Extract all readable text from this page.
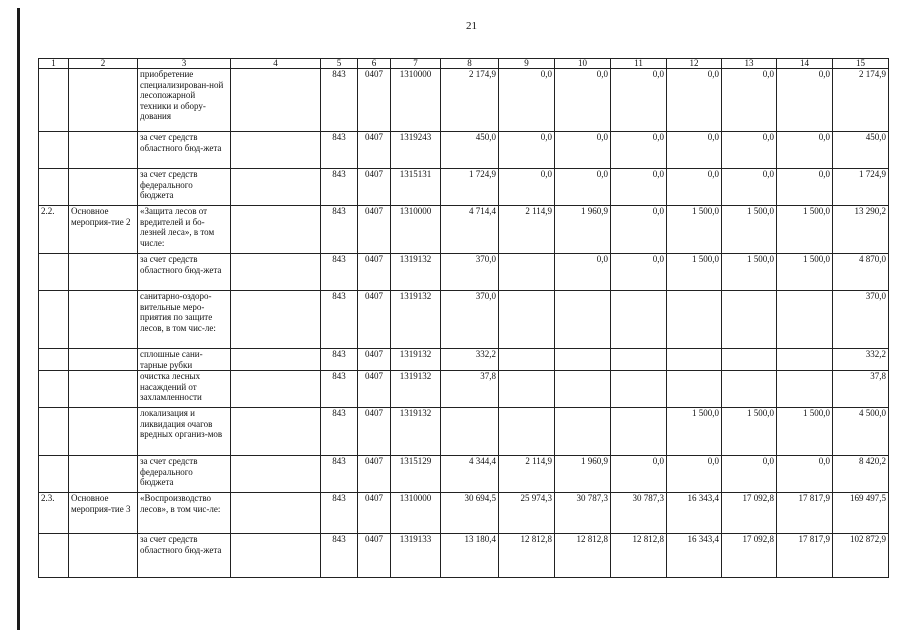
21
1	2	3	4	5	6	7	8	9	10	11	12	13	14	15
		приобретение специализирован-ной лесопожарной техники и обору-дования		843	0407	1310000	2 174,9	0,0	0,0	0,0	0,0	0,0	0,0	2 174,9
		за счет средств областного бюд-жета		843	0407	1319243	450,0	0,0	0,0	0,0	0,0	0,0	0,0	450,0
		за счет средств федерального бюджета		843	0407	1315131	1 724,9	0,0	0,0	0,0	0,0	0,0	0,0	1 724,9
2.2.	Основное мероприя-тие 2	«Защита лесов от вредителей и бо-лезней леса», в том числе:		843	0407	1310000	4 714,4	2 114,9	1 960,9	0,0	1 500,0	1 500,0	1 500,0	13 290,2
		за счет средств областного бюд-жета		843	0407	1319132	370,0		0,0	0,0	1 500,0	1 500,0	1 500,0	4 870,0
		санитарно-оздоро-вительные меро-приятия по защите лесов, в том чис-ле:		843	0407	1319132	370,0							370,0
		сплошные сани-тарные рубки		843	0407	1319132	332,2							332,2
		очистка лесных насаждений от захламленности		843	0407	1319132	37,8							37,8
		локализация и ликвидация очагов вредных организ-мов		843	0407	1319132					1 500,0	1 500,0	1 500,0	4 500,0
		за счет средств федерального бюджета		843	0407	1315129	4 344,4	2 114,9	1 960,9	0,0	0,0	0,0	0,0	8 420,2
2.3.	Основное мероприя-тие 3	«Воспроизводство лесов», в том чис-ле:		843	0407	1310000	30 694,5	25 974,3	30 787,3	30 787,3	16 343,4	17 092,8	17 817,9	169 497,5
		за счет средств областного бюд-жета		843	0407	1319133	13 180,4	12 812,8	12 812,8	12 812,8	16 343,4	17 092,8	17 817,9	102 872,9
